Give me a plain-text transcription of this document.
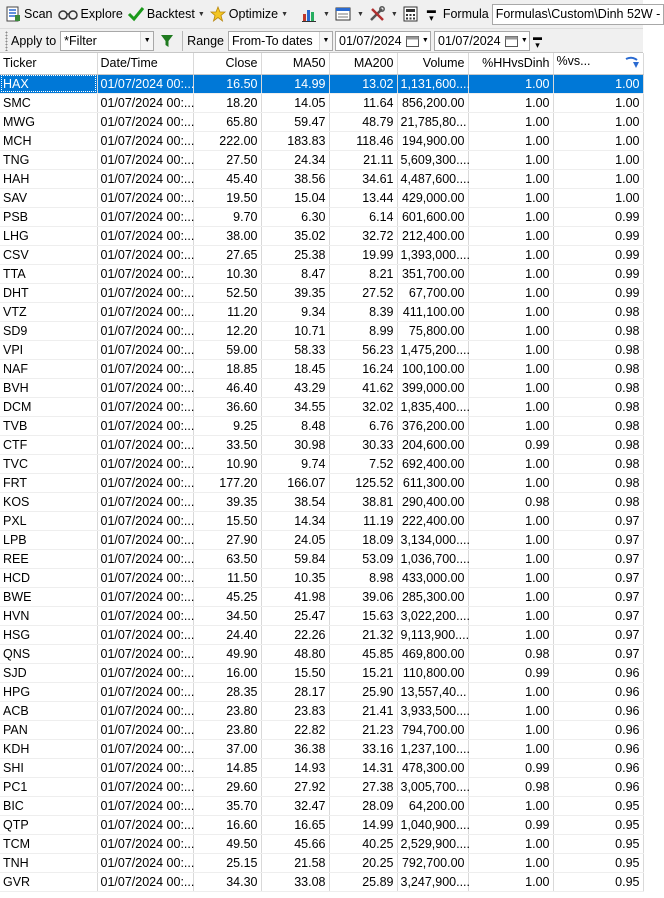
Scan Explore Backtest ▼ Optimize ▼	▼	▼	▼	▬
▾ Formula Formulas\Custom\Dinh 52W -
Apply to *Filter	▼	Range From-To dates	▼ 01/07/2024	▼ 01/07/2024	▼ ▬
▾
Ticker	Date/Time	Close	MA50	MA200	Volume	%HHvsDinh	%vs...

HAX	01/07/2024 00:...	16.50	14.99	13.02	1,131,600....	1.00	1.00
SMC	01/07/2024 00:...	18.20	14.05	11.64	856,200.00	1.00	1.00
MWG	01/07/2024 00:...	65.80	59.47	48.79	21,785,80...	1.00	1.00
MCH	01/07/2024 00:...	222.00	183.83	118.46	194,900.00	1.00	1.00
TNG	01/07/2024 00:...	27.50	24.34	21.11	5,609,300....	1.00	1.00
HAH	01/07/2024 00:...	45.40	38.56	34.61	4,487,600....	1.00	1.00
SAV	01/07/2024 00:...	19.50	15.04	13.44	429,000.00	1.00	1.00
PSB	01/07/2024 00:...	9.70	6.30	6.14	601,600.00	1.00	0.99
LHG	01/07/2024 00:...	38.00	35.02	32.72	212,400.00	1.00	0.99
CSV	01/07/2024 00:...	27.65	25.38	19.99	1,393,000....	1.00	0.99
TTA	01/07/2024 00:...	10.30	8.47	8.21	351,700.00	1.00	0.99
DHT	01/07/2024 00:...	52.50	39.35	27.52	67,700.00	1.00	0.99
VTZ	01/07/2024 00:...	11.20	9.34	8.39	411,100.00	1.00	0.98
SD9	01/07/2024 00:...	12.20	10.71	8.99	75,800.00	1.00	0.98
VPI	01/07/2024 00:...	59.00	58.33	56.23	1,475,200....	1.00	0.98
NAF	01/07/2024 00:...	18.85	18.45	16.24	100,100.00	1.00	0.98
BVH	01/07/2024 00:...	46.40	43.29	41.62	399,000.00	1.00	0.98
DCM	01/07/2024 00:...	36.60	34.55	32.02	1,835,400....	1.00	0.98
TVB	01/07/2024 00:...	9.25	8.48	6.76	376,200.00	1.00	0.98
CTF	01/07/2024 00:...	33.50	30.98	30.33	204,600.00	0.99	0.98
TVC	01/07/2024 00:...	10.90	9.74	7.52	692,400.00	1.00	0.98
FRT	01/07/2024 00:...	177.20	166.07	125.52	611,300.00	1.00	0.98
KOS	01/07/2024 00:...	39.35	38.54	38.81	290,400.00	0.98	0.98
PXL	01/07/2024 00:...	15.50	14.34	11.19	222,400.00	1.00	0.97
LPB	01/07/2024 00:...	27.90	24.05	18.09	3,134,000....	1.00	0.97
REE	01/07/2024 00:...	63.50	59.84	53.09	1,036,700....	1.00	0.97
HCD	01/07/2024 00:...	11.50	10.35	8.98	433,000.00	1.00	0.97
BWE	01/07/2024 00:...	45.25	41.98	39.06	285,300.00	1.00	0.97
HVN	01/07/2024 00:...	34.50	25.47	15.63	3,022,200....	1.00	0.97
HSG	01/07/2024 00:...	24.40	22.26	21.32	9,113,900....	1.00	0.97
QNS	01/07/2024 00:...	49.90	48.80	45.85	469,800.00	0.98	0.97
SJD	01/07/2024 00:...	16.00	15.50	15.21	110,800.00	0.99	0.96
HPG	01/07/2024 00:...	28.35	28.17	25.90	13,557,40...	1.00	0.96
ACB	01/07/2024 00:...	23.80	23.83	21.41	3,933,500....	1.00	0.96
PAN	01/07/2024 00:...	23.80	22.82	21.23	794,700.00	1.00	0.96
KDH	01/07/2024 00:...	37.00	36.38	33.16	1,237,100....	1.00	0.96
SHI	01/07/2024 00:...	14.85	14.93	14.31	478,300.00	0.99	0.96
PC1	01/07/2024 00:...	29.60	27.92	27.38	3,005,700....	0.98	0.96
BIC	01/07/2024 00:...	35.70	32.47	28.09	64,200.00	1.00	0.95
QTP	01/07/2024 00:...	16.60	16.65	14.99	1,040,900....	0.99	0.95
TCM	01/07/2024 00:...	49.50	45.66	40.25	2,529,900....	1.00	0.95
TNH	01/07/2024 00:...	25.15	21.58	20.25	792,700.00	1.00	0.95
GVR	01/07/2024 00:...	34.30	33.08	25.89	3,247,900....	1.00	0.95
